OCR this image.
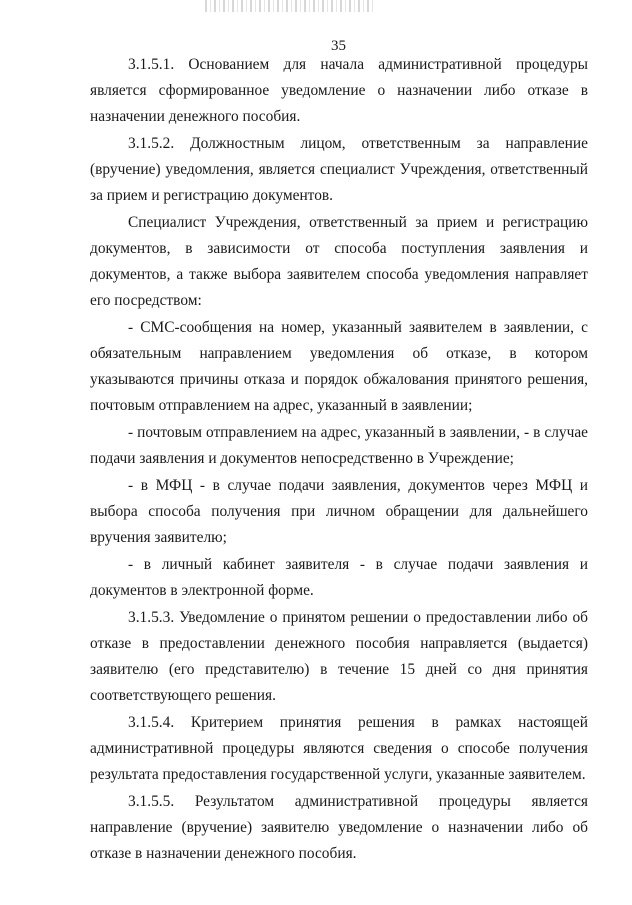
35

3.1.5.1. Основанием для начала административной процедуры является сформированное уведомление о назначении либо отказе в назначении денежного пособия.

3.1.5.2. Должностным лицом, ответственным за направление (вручение) уведомления, является специалист Учреждения, ответственный за прием и регистрацию документов.

Специалист Учреждения, ответственный за прием и регистрацию документов, в зависимости от способа поступления заявления и документов, а также выбора заявителем способа уведомления направляет его посредством:

- СМС-сообщения на номер, указанный заявителем в заявлении, с обязательным направлением уведомления об отказе, в котором указываются причины отказа и порядок обжалования принятого решения, почтовым отправлением на адрес, указанный в заявлении;

- почтовым отправлением на адрес, указанный в заявлении, - в случае подачи заявления и документов непосредственно в Учреждение;

- в МФЦ - в случае подачи заявления, документов через МФЦ и выбора способа получения при личном обращении для дальнейшего вручения заявителю;

- в личный кабинет заявителя - в случае подачи заявления и документов в электронной форме.

3.1.5.3. Уведомление о принятом решении о предоставлении либо об отказе в предоставлении денежного пособия направляется (выдается) заявителю (его представителю) в течение 15 дней со дня принятия соответствующего решения.

3.1.5.4. Критерием принятия решения в рамках настоящей административной процедуры являются сведения о способе получения результата предоставления государственной услуги, указанные заявителем.

3.1.5.5. Результатом административной процедуры является направление (вручение) заявителю уведомление о назначении либо об отказе в назначении денежного пособия.
